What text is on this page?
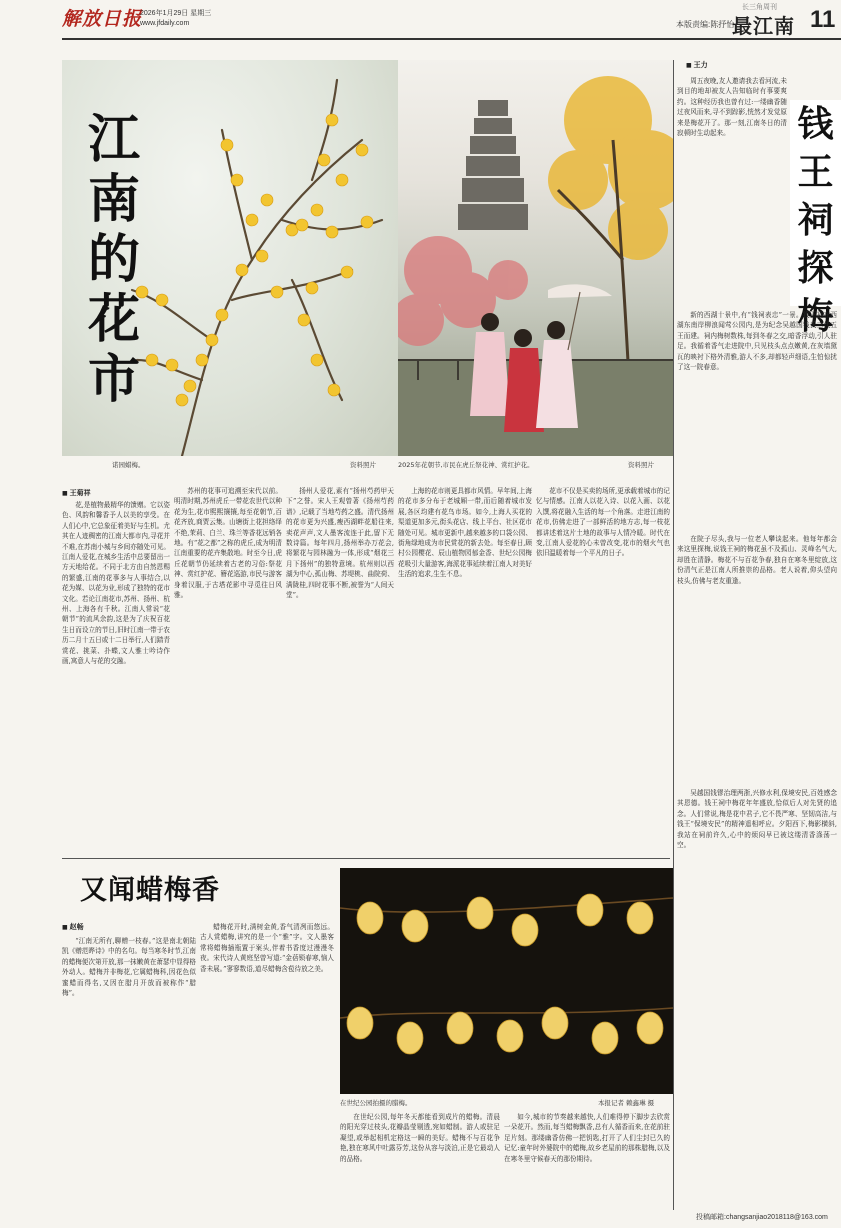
解放日报
2026年1月29日 星期三
www.jfdaily.com
长三角周刊
本版责编:陈抒怡
最江南 11
江
南
的
花
市
诺园蜡梅。	资料照片	2025年花朝节,市民在虎丘祭花神、赏红护花。	资料照片
钱
王
祠
探
梅
■ 王力
周五夜晚,友人邀请我去看河流,未到目的地却被友人告知临时有事要爽约。这种经历我也曾有过:一缕幽香随过夜风而来,寻不到踪影,恍然才发觉原来是梅花开了。那一刻,江南冬日的清寂顿时生动起来。
新的西湖十景中,有“钱祠表忠”一景。钱王祠在西湖东南岸柳浪闻莺公园内,是为纪念吴越国钱氏三代五王而建。祠内梅树数株,每到冬春之交,暗香浮动,引人驻足。我循着香气走进院中,只见枝头点点嫩黄,在灰墙黛瓦的映衬下格外清雅,游人不多,却都轻声细语,生怕惊扰了这一院春意。
在院子尽头,我与一位老人攀谈起来。他每年都会来这里探梅,说钱王祠的梅花虽不及孤山、灵峰名气大,却胜在清静。梅花不与百花争春,独自在寒冬里绽放,这份清气正是江南人所推崇的品格。老人说着,仰头望向枝头,仿佛与老友重逢。
吴越国钱镠治理两浙,兴修水利,保境安民,百姓感念其恩德。钱王祠中梅花年年盛放,恰似后人对先贤的追念。人们常说,梅是花中君子,它不畏严寒、坚韧高洁,与钱王“保境安民”的精神遥相呼应。夕阳西下,梅影横斜,我站在祠前许久,心中的烦闷早已被这缕清香涤荡一空。
■ 王菊祥
花,是植物最精华的馈赠。它以姿色、风韵和馨香予人以美的享受。在人们心中,它总象征着美好与生机。尤其在人迹稠密的江南大都市内,寻花并不难,在苏南小城与乡间亦随处可见。江南人爱花,在城乡生活中总要留出一方天地给花。不同于北方由自然恩赐的繁盛,江南的花事多与人事结合,以花为媒、以花为业,形成了独特的花市文化。若论江南花市,苏州、扬州、杭州、上海各有千秋。江南人常说“花朝节”的流风余韵,这是为了庆祝百花生日而设立的节日,旧时江南一带于农历二月十五日或十二日举行,人们踏青赏花、挑菜、扑蝶,文人雅士吟诗作画,寓意人与花的交融。
苏州的花事可追溯至宋代以前。明清时期,苏州虎丘一带花农世代以种花为生,花市熙熙攘攘,每至花朝节,百花齐放,商贾云集。山塘街上花担络绎不绝,茉莉、白兰、珠兰等香花远销各地。有“花之都”之称的虎丘,成为明清江南重要的花卉集散地。时至今日,虎丘花朝节仍延续着古老的习俗:祭花神、赏红护花、簪花巡游,市民与游客身着汉服,于古塔花影中寻觅往日风雅。
扬州人爱花,素有“扬州芍药甲天下”之誉。宋人王观曾著《扬州芍药谱》,记载了当地芍药之盛。清代扬州的花市更为兴盛,瘦西湖畔花船往来,卖花声声,文人墨客流连于此,留下无数诗篇。每年四月,扬州举办万花会,将繁花与园林融为一体,形成“烟花三月下扬州”的独特意境。杭州则以西湖为中心,孤山梅、苏堤桃、曲院荷、满陇桂,四时花事不断,被誉为“人间天堂”。
上海的花市则更具都市风情。早年间,上海的花市多分布于老城厢一带,而后随着城市发展,各区均建有花鸟市场。如今,上海人买花的渠道更加多元,街头花店、线上平台、社区花市随处可见。城市更新中,越来越多的口袋公园、街角绿地成为市民赏花的新去处。每至春日,顾村公园樱花、辰山植物园郁金香、世纪公园梅花吸引大量游客,海派花事延续着江南人对美好生活的追求,生生不息。
花市不仅是买卖的场所,更承载着城市的记忆与情感。江南人以花入诗、以花入画、以花入馔,将花融入生活的每一个角落。走进江南的花市,仿佛走进了一部鲜活的地方志,每一枝花都讲述着这片土地的故事与人情冷暖。时代在变,江南人爱花的心未曾改变,花市的烟火气也依旧温暖着每一个平凡的日子。
又闻蜡梅香
■ 赵畅
“江南无所有,聊赠一枝春。”这是南北朝陆凯《赠范晔诗》中的名句。每当寒冬时节,江南的蜡梅便次第开放,那一抹嫩黄在萧瑟中显得格外动人。蜡梅并非梅花,它属蜡梅科,因花色似蜜蜡而得名,又因在腊月开放而被称作“腊梅”。
蜡梅花开时,满树金黄,香气清冽而悠远。古人赏蜡梅,讲究的是一个“雅”字。文人墨客常将蜡梅插瓶置于案头,伴着书香度过漫漫冬夜。宋代诗人黄庭坚曾写道:“金蓓锁春寒,恼人香未展。”寥寥数语,道尽蜡梅含苞待放之美。
在世纪公园,每年冬天都能看到成片的蜡梅。清晨的阳光穿过枝头,花瓣晶莹剔透,宛如蜡制。游人或驻足凝望,或举起相机定格这一瞬的美好。蜡梅不与百花争艳,独在寒风中吐露芬芳,这份从容与淡泊,正是它最动人的品格。
如今,城市的节奏越来越快,人们难得停下脚步去欣赏一朵花开。然而,每当蜡梅飘香,总有人循香而来,在花前驻足片刻。那缕幽香仿佛一把钥匙,打开了人们尘封已久的记忆:童年时外婆院中的蜡梅,故乡老屋前的那株腊梅,以及在寒冬里守候春天的那份期待。
在世纪公园拍摄的腊梅。	本报记者 赖鑫琳 摄
投稿邮箱:changsanjiao2018118@163.com
